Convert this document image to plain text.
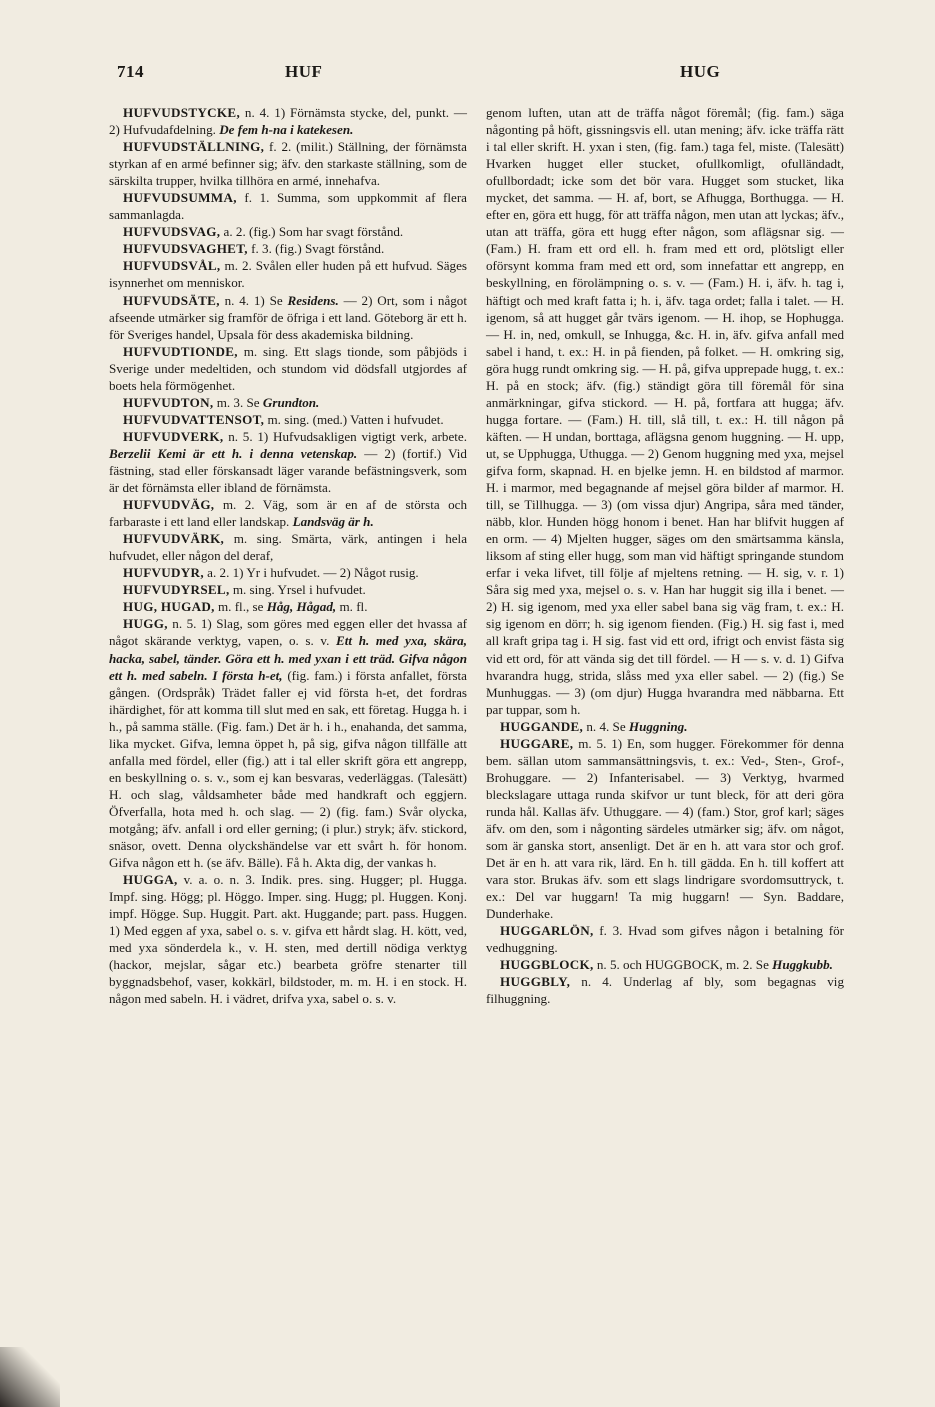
714	HUF	HUG

HUFVUDSTYCKE, n. 4. 1) Förnämsta stycke, del, punkt. — 2) Hufvudafdelning. De fem h-na i katekesen.

HUFVUDSTÄLLNING, f. 2. (milit.) Ställning, der förnämsta styrkan af en armé befinner sig; äfv. den starkaste ställning, som de särskilta trupper, hvilka tillhöra en armé, innehafva.

HUFVUDSUMMA, f. 1. Summa, som uppkommit af flera sammanlagda.

HUFVUDSVAG, a. 2. (fig.) Som har svagt förstånd.

HUFVUDSVAGHET, f. 3. (fig.) Svagt förstånd.

HUFVUDSVÅL, m. 2. Svålen eller huden på ett hufvud. Säges isynnerhet om menniskor.

HUFVUDSÄTE, n. 4. 1) Se Residens. — 2) Ort, som i något afseende utmärker sig framför de öfriga i ett land. Göteborg är ett h. för Sveriges handel, Upsala för dess akademiska bildning.

HUFVUDTIONDE, m. sing. Ett slags tionde, som påbjöds i Sverige under medeltiden, och stundom vid dödsfall utgjordes af boets hela förmögenhet.

HUFVUDTON, m. 3. Se Grundton.

HUFVUDVATTENSOT, m. sing. (med.) Vatten i hufvudet.

HUFVUDVERK, n. 5. 1) Hufvudsakligen vigtigt verk, arbete. Berzelii Kemi är ett h. i denna vetenskap. — 2) (fortif.) Vid fästning, stad eller förskansadt läger varande befästningsverk, som är det förnämsta eller ibland de förnämsta.

HUFVUDVÄG, m. 2. Väg, som är en af de största och farbaraste i ett land eller landskap. Landsväg är h.

HUFVUDVÄRK, m. sing. Smärta, värk, antingen i hela hufvudet, eller någon del deraf,

HUFVUDYR, a. 2. 1) Yr i hufvudet. — 2) Något rusig.

HUFVUDYRSEL, m. sing. Yrsel i hufvudet.

HUG, HUGAD, m. fl., se Håg, Hågad, m. fl.

HUGG, n. 5. 1) Slag, som göres med eggen eller det hvassa af något skärande verktyg, vapen, o. s. v. Ett h. med yxa, skära, hacka, sabel, tänder. Göra ett h. med yxan i ett träd. Gifva någon ett h. med sabeln. I första h-et, (fig. fam.) i första anfallet, första gången. (Ordspråk) Trädet faller ej vid första h-et, det fordras ihärdighet, för att komma till slut med en sak, ett företag. Hugga h. i h., på samma ställe. (Fig. fam.) Det är h. i h., enahanda, det samma, lika mycket. Gifva, lemna öppet h, på sig, gifva någon tillfälle att anfalla med fördel, eller (fig.) att i tal eller skrift göra ett angrepp, en beskyllning o. s. v., som ej kan besvaras, vederläggas. (Talesätt) H. och slag, våldsamheter både med handkraft och eggjern. Öfverfalla, hota med h. och slag. — 2) (fig. fam.) Svår olycka, motgång; äfv. anfall i ord eller gerning; (i plur.) stryk; äfv. stickord, snäsor, ovett. Denna olyckshändelse var ett svårt h. för honom. Gifva någon ett h. (se äfv. Bälle). Få h. Akta dig, der vankas h.

HUGGA, v. a. o. n. 3. Indik. pres. sing. Hugger; pl. Hugga. Impf. sing. Högg; pl. Höggo. Imper. sing. Hugg; pl. Huggen. Konj. impf. Högge. Sup. Huggit. Part. akt. Huggande; part. pass. Huggen. 1) Med eggen af yxa, sabel o. s. v. gifva ett hårdt slag. H. kött, ved, med yxa sönderdela k., v. H. sten, med dertill nödiga verktyg (hackor, mejslar, sågar etc.) bearbeta gröfre stenarter till byggnadsbehof, vaser, kokkärl, bildstoder, m. m. H. i en stock. H. någon med sabeln. H. i vädret, drifva yxa, sabel o. s. v.

genom luften, utan att de träffa något föremål; (fig. fam.) säga någonting på höft, gissningsvis ell. utan mening; äfv. icke träffa rätt i tal eller skrift. H. yxan i sten, (fig. fam.) taga fel, miste. (Talesätt) Hvarken hugget eller stucket, ofullkomligt, ofulländadt, ofullbordadt; icke som det bör vara. Hugget som stucket, lika mycket, det samma. — H. af, bort, se Afhugga, Borthugga. — H. efter en, göra ett hugg, för att träffa någon, men utan att lyckas; äfv., utan att träffa, göra ett hugg efter någon, som aflägsnar sig. — (Fam.) H. fram ett ord ell. h. fram med ett ord, plötsligt eller oförsynt komma fram med ett ord, som innefattar ett angrepp, en beskyllning, en förolämpning o. s. v. — (Fam.) H. i, äfv. h. tag i, häftigt och med kraft fatta i; h. i, äfv. taga ordet; falla i talet. — H. igenom, så att hugget går tvärs igenom. — H. ihop, se Hophugga. — H. in, ned, omkull, se Inhugga, &c. H. in, äfv. gifva anfall med sabel i hand, t. ex.: H. in på fienden, på folket. — H. omkring sig, göra hugg rundt omkring sig. — H. på, gifva upprepade hugg, t. ex.: H. på en stock; äfv. (fig.) ständigt göra till föremål för sina anmärkningar, gifva stickord. — H. på, fortfara att hugga; äfv. hugga fortare. — (Fam.) H. till, slå till, t. ex.: H. till någon på käften. — H undan, borttaga, aflägsna genom huggning. — H. upp, ut, se Upphugga, Uthugga. — 2) Genom huggning med yxa, mejsel gifva form, skapnad. H. en bjelke jemn. H. en bildstod af marmor. H. i marmor, med begagnande af mejsel göra bilder af marmor. H. till, se Tillhugga. — 3) (om vissa djur) Angripa, såra med tänder, näbb, klor. Hunden högg honom i benet. Han har blifvit huggen af en orm. — 4) Mjelten hugger, säges om den smärtsamma känsla, liksom af sting eller hugg, som man vid häftigt springande stundom erfar i veka lifvet, till följe af mjeltens retning. — H. sig, v. r. 1) Såra sig med yxa, mejsel o. s. v. Han har huggit sig illa i benet. — 2) H. sig igenom, med yxa eller sabel bana sig väg fram, t. ex.: H. sig igenom en dörr; h. sig igenom fienden. (Fig.) H. sig fast i, med all kraft gripa tag i. H sig. fast vid ett ord, ifrigt och envist fästa sig vid ett ord, för att vända sig det till fördel. — H — s. v. d. 1) Gifva hvarandra hugg, strida, slåss med yxa eller sabel. — 2) (fig.) Se Munhuggas. — 3) (om djur) Hugga hvarandra med näbbarna. Ett par tuppar, som h.

HUGGANDE, n. 4. Se Huggning.

HUGGARE, m. 5. 1) En, som hugger. Förekommer för denna bem. sällan utom sammansättningsvis, t. ex.: Ved-, Sten-, Grof-, Brohuggare. — 2) Infanterisabel. — 3) Verktyg, hvarmed bleckslagare uttaga runda skifvor ur tunt bleck, för att deri göra runda hål. Kallas äfv. Uthuggare. — 4) (fam.) Stor, grof karl; säges äfv. om den, som i någonting särdeles utmärker sig; äfv. om något, som är ganska stort, ansenligt. Det är en h. att vara stor och grof. Det är en h. att vara rik, lärd. En h. till gädda. En h. till koffert att vara stor. Brukas äfv. som ett slags lindrigare svordomsuttryck, t. ex.: Del var huggarn! Ta mig huggarn! — Syn. Baddare, Dunderhake.

HUGGARLÖN, f. 3. Hvad som gifves någon i betalning för vedhuggning.

HUGGBLOCK, n. 5. och HUGGBOCK, m. 2. Se Huggkubb.

HUGGBLY, n. 4. Underlag af bly, som begagnas vig filhuggning.
